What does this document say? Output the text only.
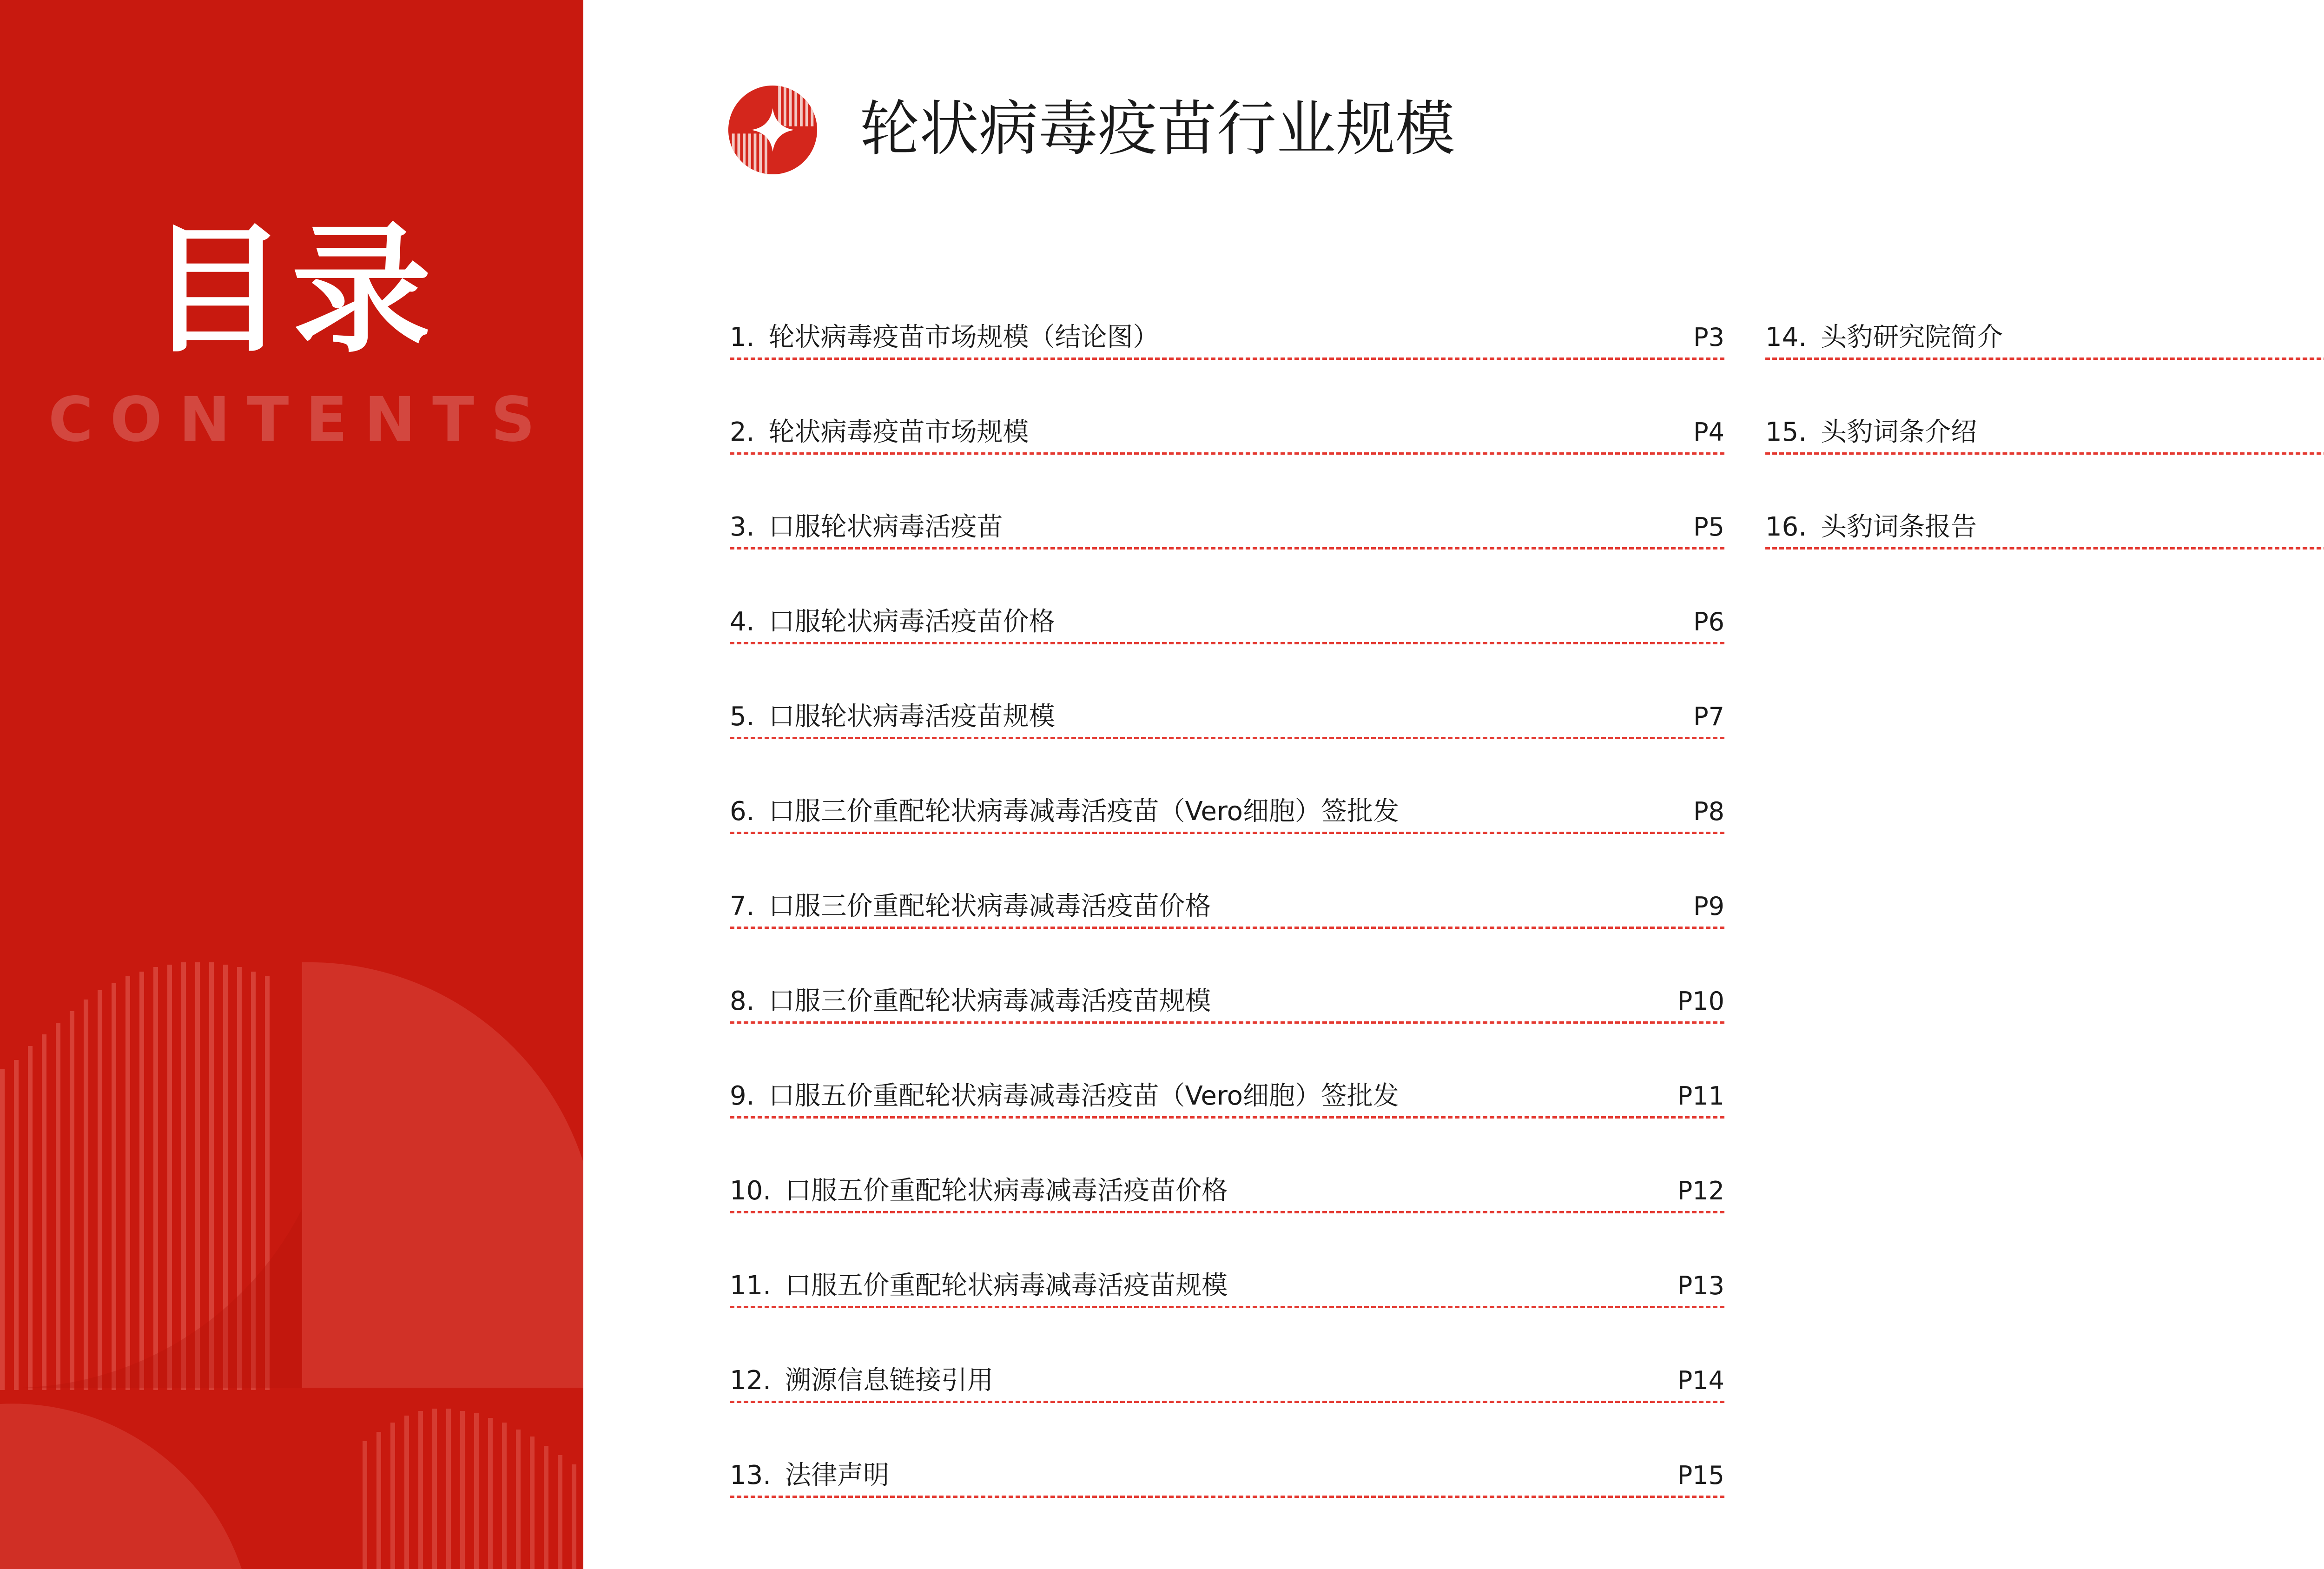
目录
CONTENTS
轮状病毒疫苗行业规模
1. 轮状病毒疫苗市场规模（结论图）	P3
2. 轮状病毒疫苗市场规模	P4
3. 口服轮状病毒活疫苗	P5
4. 口服轮状病毒活疫苗价格	P6
5. 口服轮状病毒活疫苗规模	P7
6. 口服三价重配轮状病毒减毒活疫苗（Vero细胞）签批发	P8
7. 口服三价重配轮状病毒减毒活疫苗价格	P9
8. 口服三价重配轮状病毒减毒活疫苗规模	P10
9. 口服五价重配轮状病毒减毒活疫苗（Vero细胞）签批发	P11
10. 口服五价重配轮状病毒减毒活疫苗价格	P12
11. 口服五价重配轮状病毒减毒活疫苗规模	P13
12. 溯源信息链接引用	P14
13. 法律声明	P15
14. 头豹研究院简介
15. 头豹词条介绍
16. 头豹词条报告
